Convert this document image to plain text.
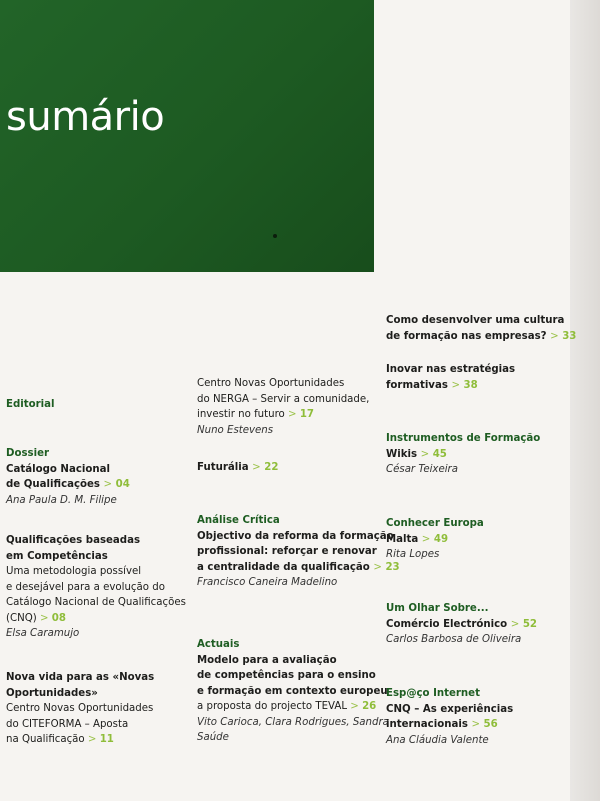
sumário
Editorial
Dossier
Catálogo Nacional
de Qualificações > 04
Ana Paula D. M. Filipe
Qualificações baseadas
em Competências
Uma metodologia possível
e desejável para a evolução do
Catálogo Nacional de Qualificações
(CNQ) > 08
Elsa Caramujo
Nova vida para as «Novas
Oportunidades»
Centro Novas Oportunidades
do CITEFORMA – Aposta
na Qualificação > 11
Centro Novas Oportunidades
do NERGA – Servir a comunidade,
investir no futuro > 17
Nuno Estevens
Futurália > 22
Análise Crítica
Objectivo da reforma da formação
profissional: reforçar e renovar
a centralidade da qualificação > 23
Francisco Caneira Madelino
Actuais
Modelo para a avaliação
de competências para o ensino
e formação em contexto europeu
a proposta do projecto TEVAL > 26
Vito Carioca, Clara Rodrigues, Sandra
Saúde
Como desenvolver uma cultura
de formação nas empresas? > 33
Inovar nas estratégias
formativas > 38
Instrumentos de Formação
Wikis > 45
César Teixeira
Conhecer Europa
Malta > 49
Rita Lopes
Um Olhar Sobre...
Comércio Electrónico > 52
Carlos Barbosa de Oliveira
Esp@ço Internet
CNQ – As experiências
internacionais > 56
Ana Cláudia Valente
